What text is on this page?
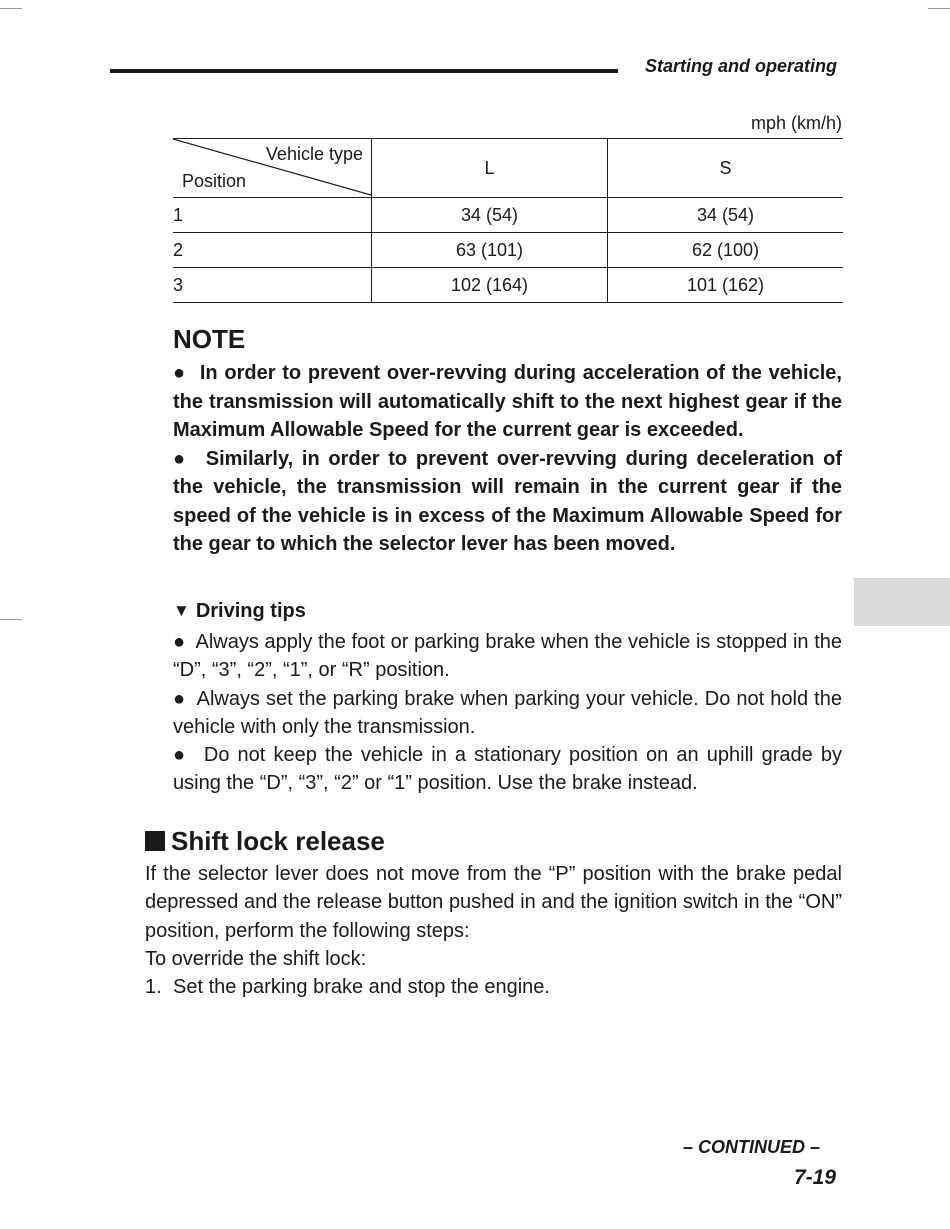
Starting and operating
mph (km/h)
Vehicle type
Position	L	S
1	34 (54)	34 (54)
2	63 (101)	62 (100)
3	102 (164)	101 (162)
NOTE

● In order to prevent over-revving during acceleration of the vehicle, the transmission will automatically shift to the next highest gear if the Maximum Allowable Speed for the current gear is exceeded.

● Similarly, in order to prevent over-revving during deceleration of the vehicle, the transmission will remain in the current gear if the speed of the vehicle is in excess of the Maximum Allowable Speed for the gear to which the selector lever has been moved.

▼ Driving tips

● Always apply the foot or parking brake when the vehicle is stopped in the “D”, “3”, “2”, “1”, or “R” position.

● Always set the parking brake when parking your vehicle. Do not hold the vehicle with only the transmission.

● Do not keep the vehicle in a stationary position on an uphill grade by using the “D”, “3”, “2” or “1” position. Use the brake instead.

Shift lock release

If the selector lever does not move from the “P” position with the brake pedal depressed and the release button pushed in and the ignition switch in the “ON” position, perform the following steps:

To override the shift lock:

1. Set the parking brake and stop the engine.
– CONTINUED –
7-19
